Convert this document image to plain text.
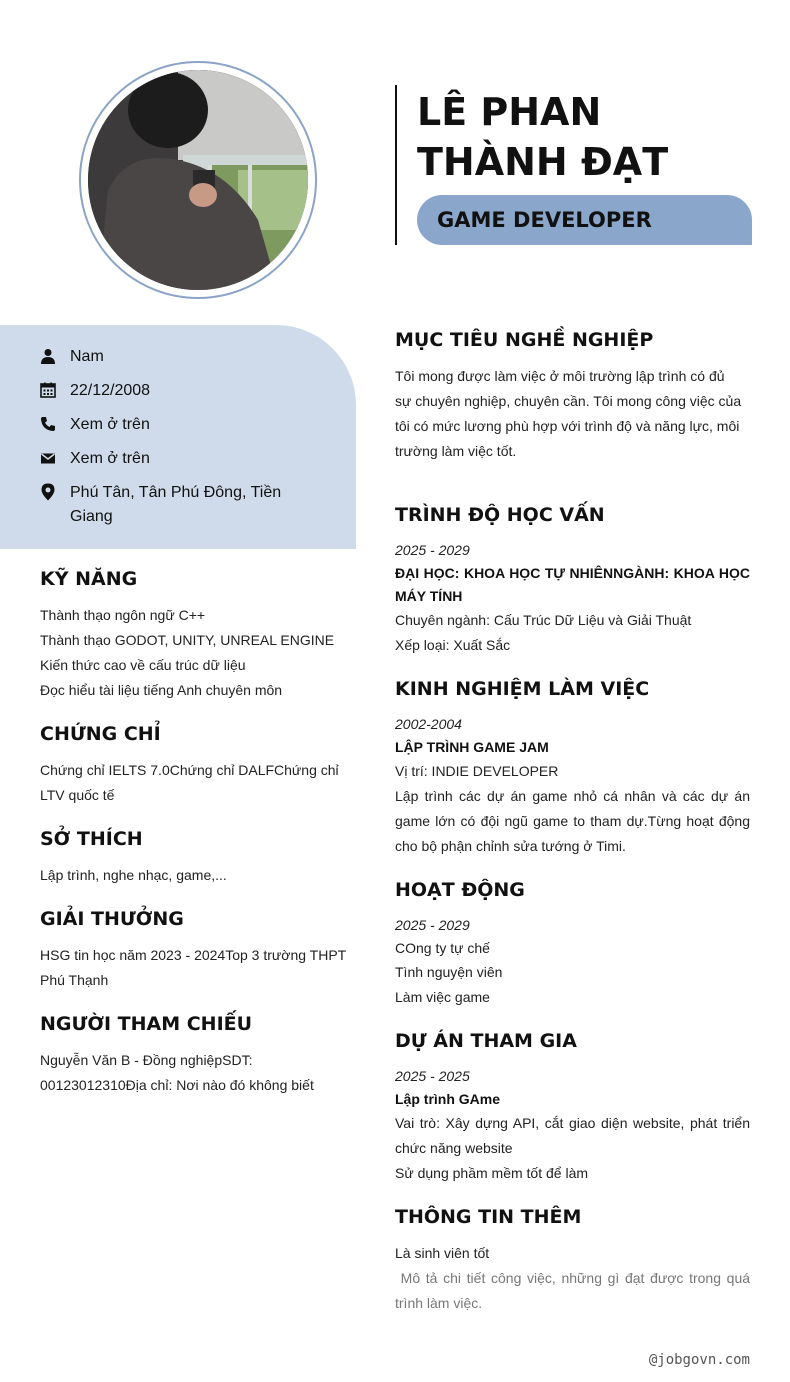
LÊ PHAN THÀNH ĐẠT
GAME DEVELOPER
Nam
22/12/2008
Xem ở trên
Xem ở trên
Phú Tân, Tân Phú Đông, Tiền Giang
KỸ NĂNG
Thành thạo ngôn ngữ C++
Thành thạo GODOT, UNITY, UNREAL ENGINE
Kiến thức cao về cấu trúc dữ liệu
Đọc hiểu tài liệu tiếng Anh chuyên môn
CHỨNG CHỈ
Chứng chỉ IELTS 7.0Chứng chỉ DALFChứng chỉ LTV quốc tế
SỞ THÍCH
Lập trình, nghe nhạc, game,...
GIẢI THƯỞNG
HSG tin học năm 2023 - 2024Top 3 trường THPT Phú Thạnh
NGƯỜI THAM CHIẾU
Nguyễn Văn B - Đồng nghiệpSDT: 00123012310Địa chỉ: Nơi nào đó không biết
MỤC TIÊU NGHỀ NGHIỆP
Tôi mong được làm việc ở môi trường lập trình có đủ sự chuyên nghiệp, chuyên cần. Tôi mong công việc của tôi có mức lương phù hợp với trình độ và năng lực, môi trường làm việc tốt.
TRÌNH ĐỘ HỌC VẤN
2025 - 2029
ĐẠI HỌC: KHOA HỌC TỰ NHIÊNNGÀNH: KHOA HỌC MÁY TÍNH
Chuyên ngành: Cấu Trúc Dữ Liệu và Giải Thuật
Xếp loại: Xuất Sắc
KINH NGHIỆM LÀM VIỆC
2002-2004
LẬP TRÌNH GAME JAM
Vị trí: INDIE DEVELOPER
Lập trình các dự án game nhỏ cá nhân và các dự án game lớn có đội ngũ game to tham dự.Từng hoạt động cho bộ phận chỉnh sửa tướng ở Timi.
HOẠT ĐỘNG
2025 - 2029
COng ty tự chế
Tình nguyện viên
Làm việc game
DỰ ÁN THAM GIA
2025 - 2025
Lập trình GAme
Vai trò: Xây dựng API, cắt giao diện website, phát triển chức năng website
Sử dụng phầm mềm tốt để làm
THÔNG TIN THÊM
Là sinh viên tốt
Mô tả chi tiết công việc, những gì đạt được trong quá trình làm việc.
@jobgovn.com
